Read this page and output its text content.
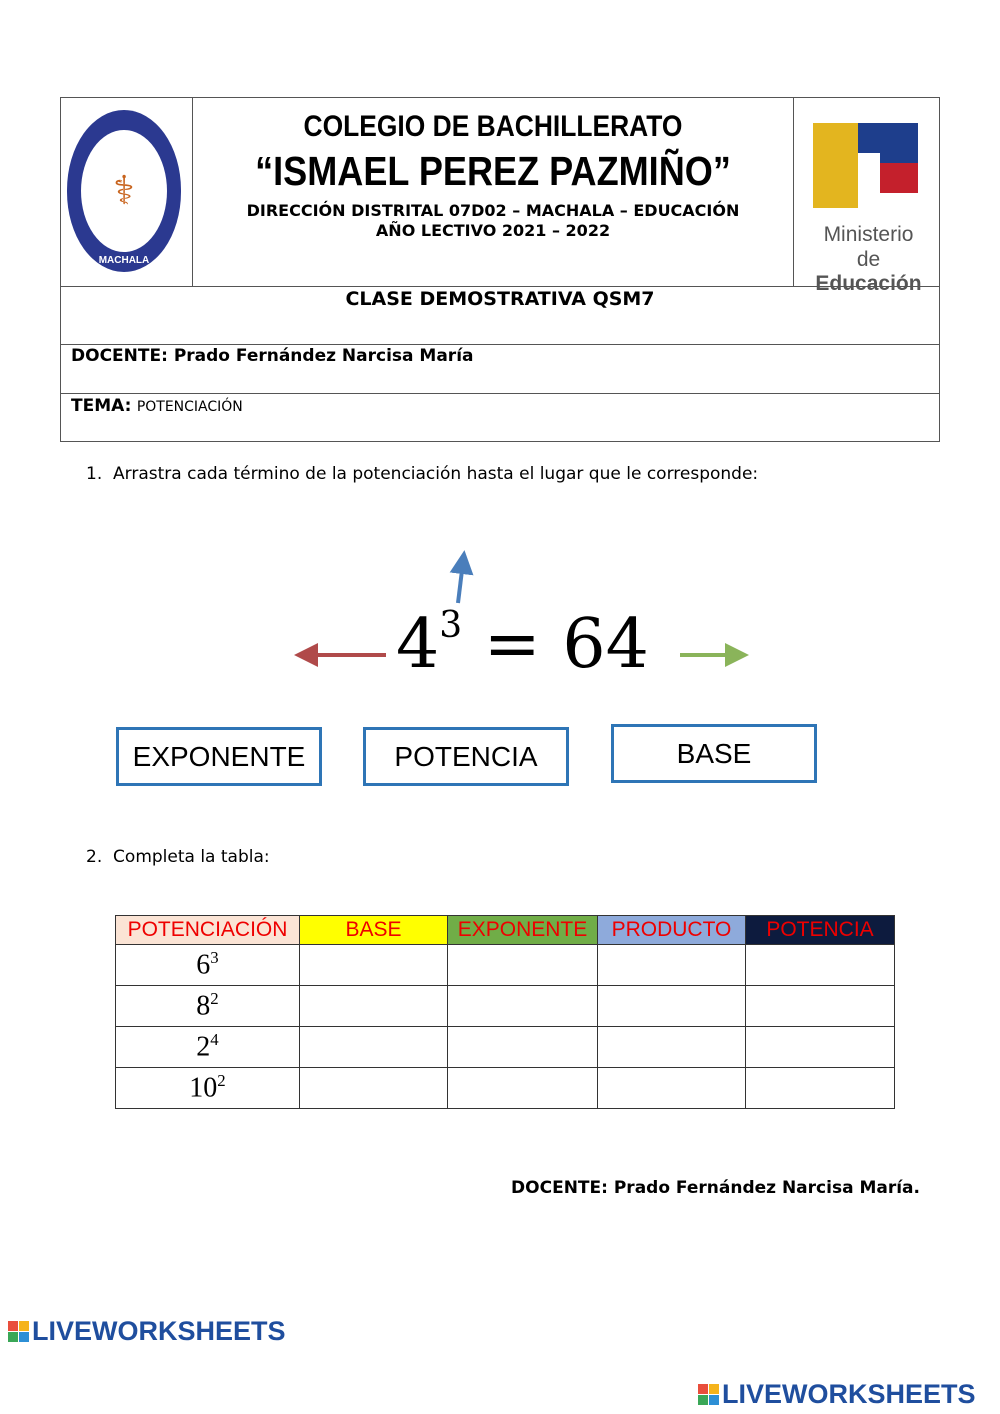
⚕
MACHALA
COLEGIO DE BACHILLERATO
“ISMAEL PEREZ PAZMIÑO”
DIRECCIÓN DISTRITAL 07D02 – MACHALA – EDUCACIÓN
AÑO LECTIVO 2021 – 2022	Ministerio
de Educación
CLASE DEMOSTRATIVA QSM7
DOCENTE: Prado Fernández Narcisa María
TEMA: POTENCIACIÓN
1. Arrastra cada término de la potenciación hasta el lugar que le corresponde:
$4^3 = 64$
EXPONENTE	POTENCIA	BASE
2. Completa la tabla:
POTENCIACIÓN	BASE	EXPONENTE	PRODUCTO	POTENCIA
$6^3$				
$8^2$				
$2^4$				
$10^2$				
DOCENTE: Prado Fernández Narcisa María.
LIVEWORKSHEETS
LIVEWORKSHEETS
